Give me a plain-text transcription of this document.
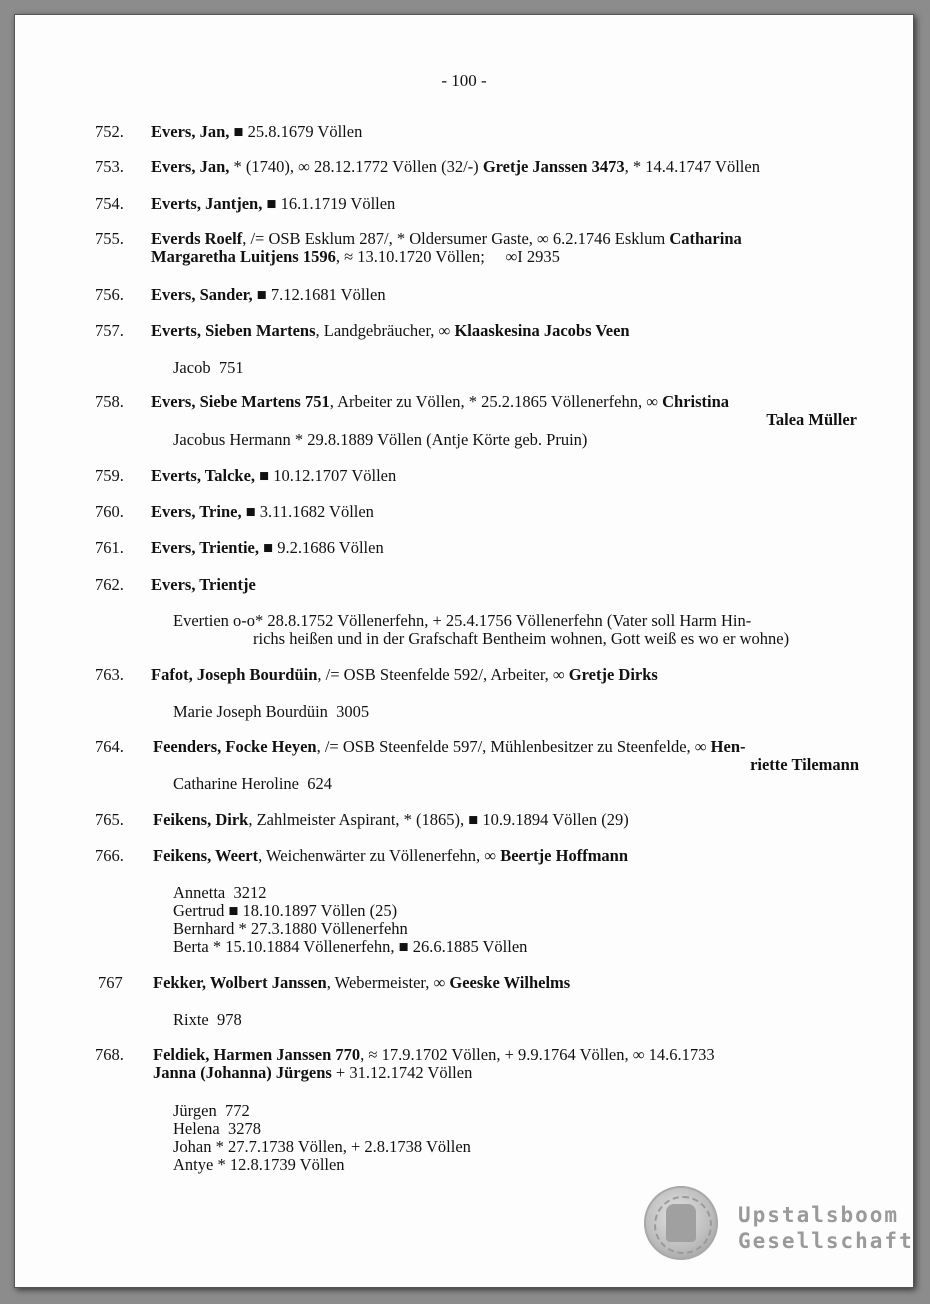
- 100 -
752. Evers, Jan, ■ 25.8.1679 Völlen
753. Evers, Jan, * (1740), ∞ 28.12.1772 Völlen (32/-) Gretje Janssen 3473, * 14.4.1747 Völlen
754. Everts, Jantjen, ■ 16.1.1719 Völlen
755. Everds Roelf, /= OSB Esklum 287/, * Oldersumer Gaste, ∞ 6.2.1746 Esklum Catharina
Margaretha Luitjens 1596, ≈ 13.10.1720 Völlen;     ∞I 2935
756. Evers, Sander, ■ 7.12.1681 Völlen
757. Everts, Sieben Martens, Landgebräucher, ∞ Klaaskesina Jacobs Veen
Jacob  751
758. Evers, Siebe Martens 751, Arbeiter zu Völlen, * 25.2.1865 Völlenerfehn, ∞ Christina
Talea Müller
Jacobus Hermann * 29.8.1889 Völlen (Antje Körte geb. Pruin)
759. Everts, Talcke, ■ 10.12.1707 Völlen
760. Evers, Trine, ■ 3.11.1682 Völlen
761. Evers, Trientie, ■ 9.2.1686 Völlen
762. Evers, Trientje
Evertien o-o* 28.8.1752 Völlenerfehn, + 25.4.1756 Völlenerfehn (Vater soll Harm Hin-
richs heißen und in der Grafschaft Bentheim wohnen, Gott weiß es wo er wohne)
763. Fafot, Joseph Bourdüin, /= OSB Steenfelde 592/, Arbeiter, ∞ Gretje Dirks
Marie Joseph Bourdüin  3005
764. Feenders, Focke Heyen, /= OSB Steenfelde 597/, Mühlenbesitzer zu Steenfelde, ∞ Hen-
riette Tilemann
Catharine Heroline  624
765. Feikens, Dirk, Zahlmeister Aspirant, * (1865), ■ 10.9.1894 Völlen (29)
766. Feikens, Weert, Weichenwärter zu Völlenerfehn, ∞ Beertje Hoffmann
Annetta  3212
Gertrud ■ 18.10.1897 Völlen (25)
Bernhard * 27.3.1880 Völlenerfehn
Berta * 15.10.1884 Völlenerfehn, ■ 26.6.1885 Völlen
767 Fekker, Wolbert Janssen, Webermeister, ∞ Geeske Wilhelms
Rixte  978
768. Feldiek, Harmen Janssen 770, ≈ 17.9.1702 Völlen, + 9.9.1764 Völlen, ∞ 14.6.1733
Janna (Johanna) Jürgens + 31.12.1742 Völlen
Jürgen  772
Helena  3278
Johan * 27.7.1738 Völlen, + 2.8.1738 Völlen
Antye * 12.8.1739 Völlen
Upstalsboom
Gesellschaft
